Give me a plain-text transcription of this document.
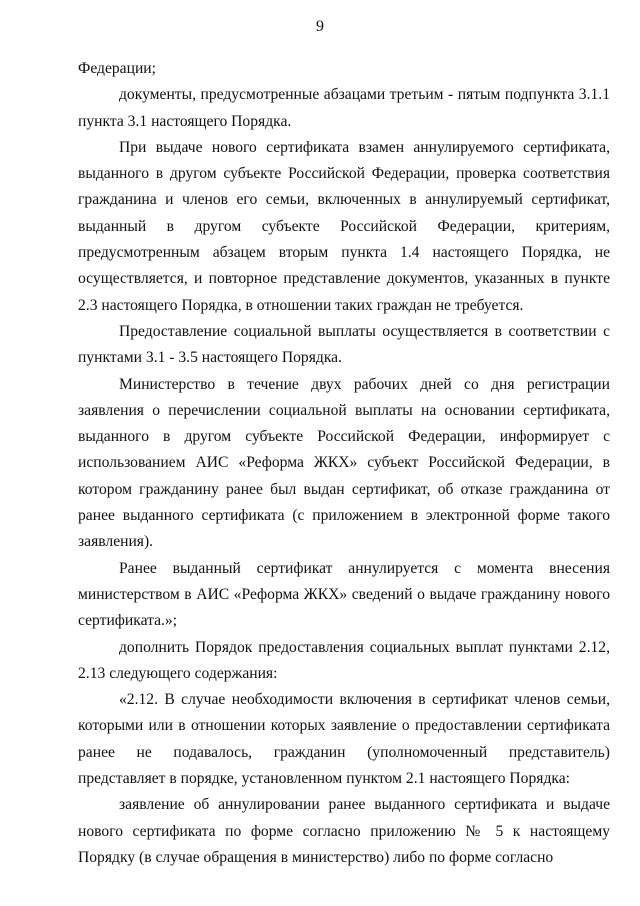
9

Федерации;

документы, предусмотренные абзацами третьим - пятым подпункта 3.1.1 пункта 3.1 настоящего Порядка.

При выдаче нового сертификата взамен аннулируемого сертификата, выданного в другом субъекте Российской Федерации, проверка соответствия гражданина и членов его семьи, включенных в аннулируемый сертификат, выданный в другом субъекте Российской Федерации, критериям, предусмотренным абзацем вторым пункта 1.4 настоящего Порядка, не осуществляется, и повторное представление документов, указанных в пункте 2.3 настоящего Порядка, в отношении таких граждан не требуется.

Предоставление социальной выплаты осуществляется в соответствии с пунктами 3.1 - 3.5 настоящего Порядка.

Министерство в течение двух рабочих дней со дня регистрации заявления о перечислении социальной выплаты на основании сертификата, выданного в другом субъекте Российской Федерации, информирует с использованием АИС «Реформа ЖКХ» субъект Российской Федерации, в котором гражданину ранее был выдан сертификат, об отказе гражданина от ранее выданного сертификата (с приложением в электронной форме такого заявления).

Ранее выданный сертификат аннулируется с момента внесения министерством в АИС «Реформа ЖКХ» сведений о выдаче гражданину нового сертификата.»;

дополнить Порядок предоставления социальных выплат пунктами 2.12, 2.13 следующего содержания:

«2.12. В случае необходимости включения в сертификат членов семьи, которыми или в отношении которых заявление о предоставлении сертификата ранее не подавалось, гражданин (уполномоченный представитель) представляет в порядке, установленном пунктом 2.1 настоящего Порядка:

заявление об аннулировании ранее выданного сертификата и выдаче нового сертификата по форме согласно приложению № 5 к настоящему Порядку (в случае обращения в министерство) либо по форме согласно
